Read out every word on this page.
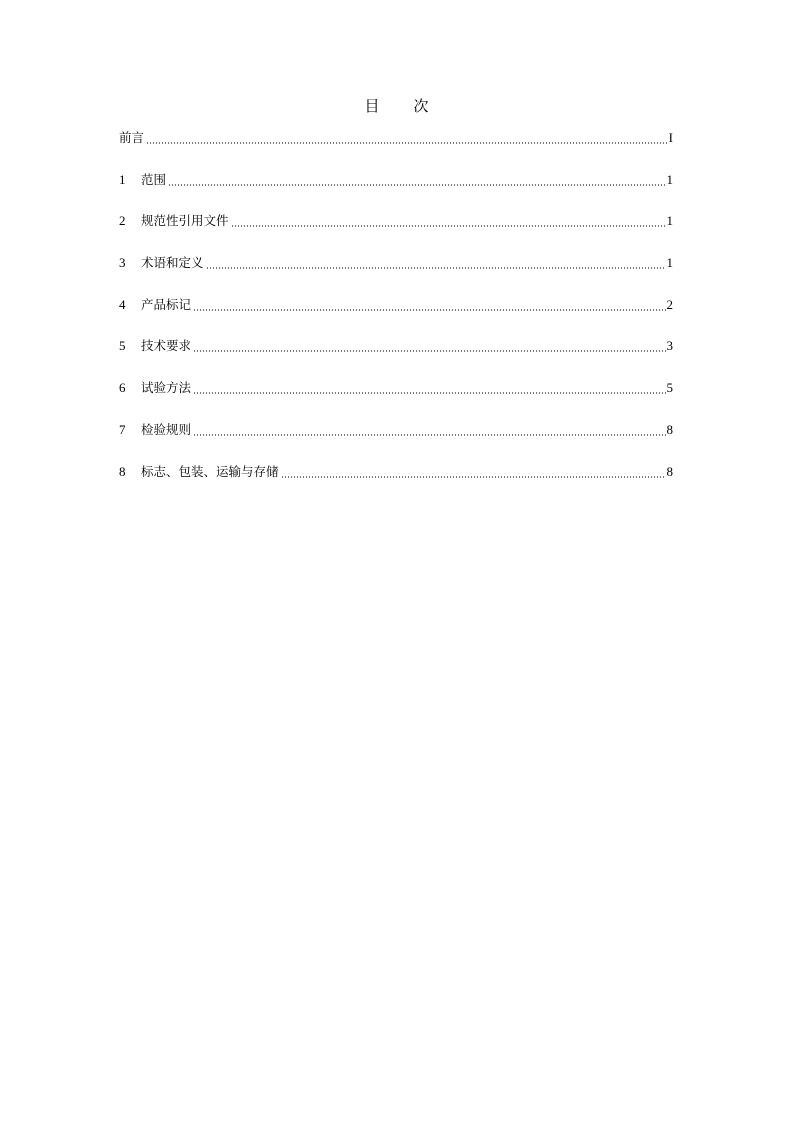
目 次
前言	I
1	范围	1
2	规范性引用文件	1
3	术语和定义	1
4	产品标记	2
5	技术要求	3
6	试验方法	5
7	检验规则	8
8	标志、包装、运输与存储	8
